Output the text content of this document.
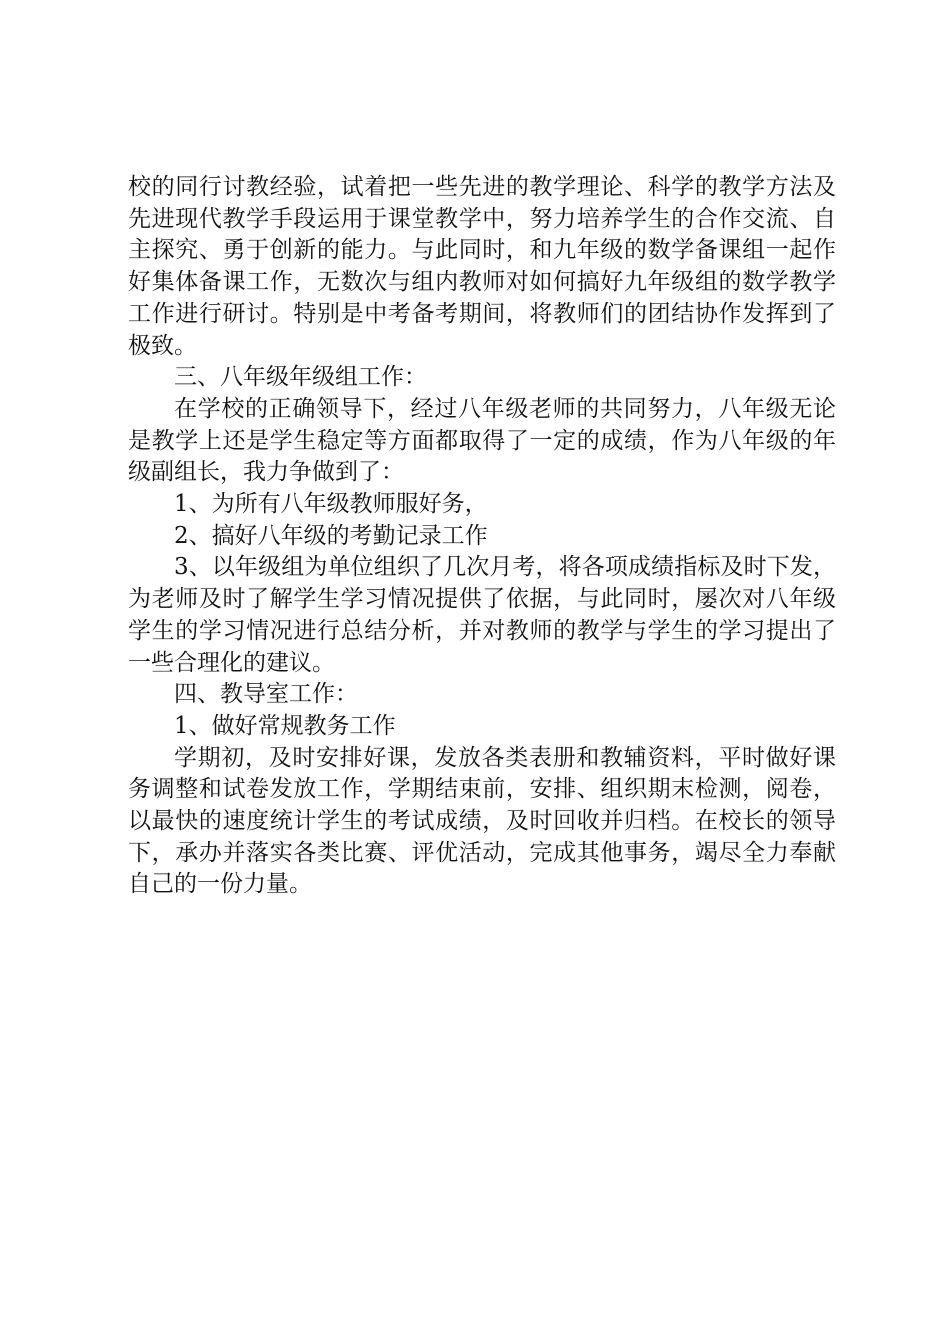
校的同行讨教经验，试着把一些先进的教学理论、科学的教学方法及先进现代教学手段运用于课堂教学中，努力培养学生的合作交流、自主探究、勇于创新的能力。与此同时，和九年级的数学备课组一起作好集体备课工作，无数次与组内教师对如何搞好九年级组的数学教学工作进行研讨。特别是中考备考期间，将教师们的团结协作发挥到了极致。

三、八年级年级组工作：

在学校的正确领导下，经过八年级老师的共同努力，八年级无论是教学上还是学生稳定等方面都取得了一定的成绩，作为八年级的年级副组长，我力争做到了：

1、为所有八年级教师服好务，

2、搞好八年级的考勤记录工作

3、以年级组为单位组织了几次月考，将各项成绩指标及时下发，为老师及时了解学生学习情况提供了依据，与此同时，屡次对八年级学生的学习情况进行总结分析，并对教师的教学与学生的学习提出了一些合理化的建议。

四、教导室工作：

1、做好常规教务工作

学期初，及时安排好课，发放各类表册和教辅资料，平时做好课务调整和试卷发放工作，学期结束前，安排、组织期末检测，阅卷，以最快的速度统计学生的考试成绩，及时回收并归档。在校长的领导下，承办并落实各类比赛、评优活动，完成其他事务，竭尽全力奉献自己的一份力量。
